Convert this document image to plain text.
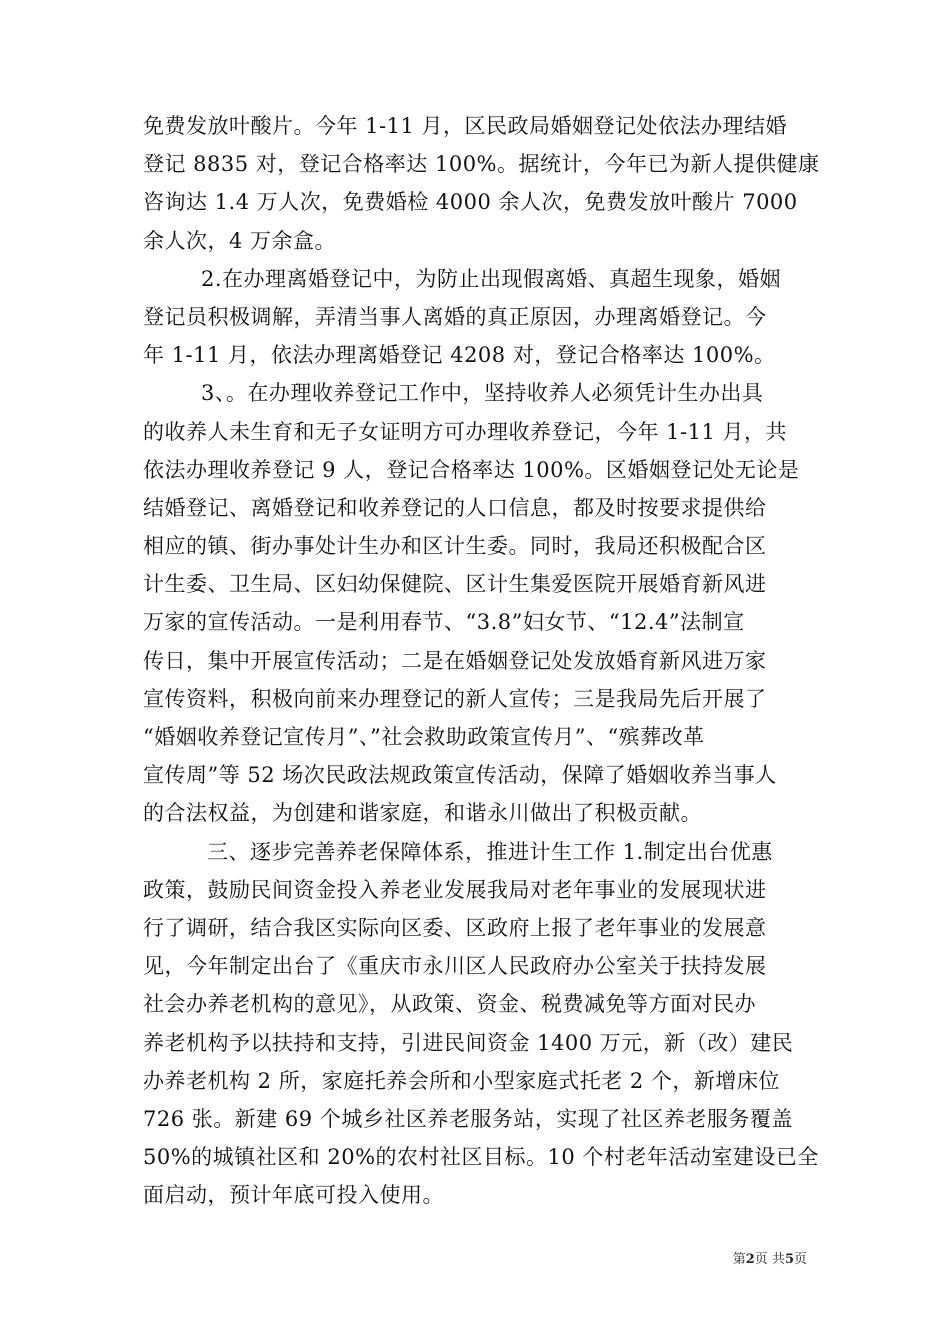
免费发放叶酸片。今年 1-11 月，区民政局婚姻登记处依法办理结婚
登记 8835 对，登记合格率达 100%。据统计，今年已为新人提供健康
咨询达 1.4 万人次，免费婚检 4000 余人次，免费发放叶酸片 7000
余人次，4 万余盒。
2.在办理离婚登记中，为防止出现假离婚、真超生现象，婚姻
登记员积极调解，弄清当事人离婚的真正原因，办理离婚登记。今
年 1-11 月，依法办理离婚登记 4208 对，登记合格率达 100%。
3、。在办理收养登记工作中，坚持收养人必须凭计生办出具
的收养人未生育和无子女证明方可办理收养登记，今年 1-11 月，共
依法办理收养登记 9 人，登记合格率达 100%。区婚姻登记处无论是
结婚登记、离婚登记和收养登记的人口信息，都及时按要求提供给
相应的镇、街办事处计生办和区计生委。同时，我局还积极配合区
计生委、卫生局、区妇幼保健院、区计生集爱医院开展婚育新风进
万家的宣传活动。一是利用春节、“3.8”妇女节、“12.4”法制宣
传日，集中开展宣传活动；二是在婚姻登记处发放婚育新风进万家
宣传资料，积极向前来办理登记的新人宣传；三是我局先后开展了
“婚姻收养登记宣传月”、”社会救助政策宣传月”、“殡葬改革
宣传周”等 52 场次民政法规政策宣传活动，保障了婚姻收养当事人
的合法权益，为创建和谐家庭，和谐永川做出了积极贡献。
三、逐步完善养老保障体系，推进计生工作 1.制定出台优惠
政策，鼓励民间资金投入养老业发展我局对老年事业的发展现状进
行了调研，结合我区实际向区委、区政府上报了老年事业的发展意
见，今年制定出台了《重庆市永川区人民政府办公室关于扶持发展
社会办养老机构的意见》，从政策、资金、税费减免等方面对民办
养老机构予以扶持和支持，引进民间资金 1400 万元，新（改）建民
办养老机构 2 所，家庭托养会所和小型家庭式托老 2 个，新增床位
726 张。新建 69 个城乡社区养老服务站，实现了社区养老服务覆盖
50%的城镇社区和 20%的农村社区目标。10 个村老年活动室建设已全
面启动，预计年底可投入使用。
第2页 共5页
